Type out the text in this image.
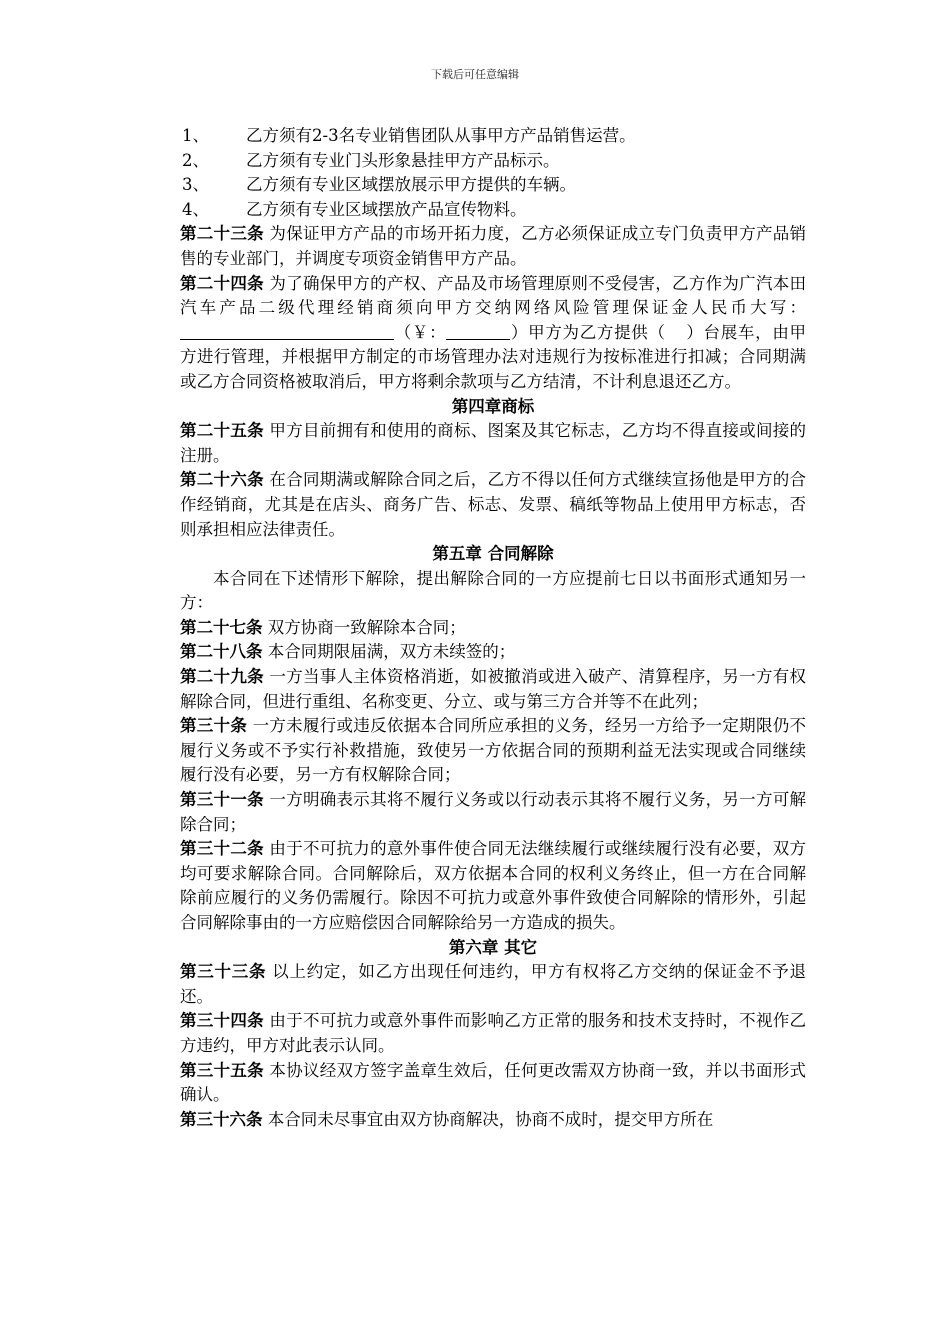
下载后可任意编辑
1、	乙方须有2-3名专业销售团队从事甲方产品销售运营。
2、	乙方须有专业门头形象悬挂甲方产品标示。
3、	乙方须有专业区域摆放展示甲方提供的车辆。
4、	乙方须有专业区域摆放产品宣传物料。

第二十三条 为保证甲方产品的市场开拓力度，乙方必须保证成立专门负责甲方产品销售的专业部门，并调度专项资金销售甲方产品。

第二十四条 为了确保甲方的产权、产品及市场管理原则不受侵害，乙方作为广汽本田汽车产品二级代理经销商须向甲方交纳网络风险管理保证金人民币大写：（￥：	）甲方为乙方提供（ ）台展车，由甲方进行管理，并根据甲方制定的市场管理办法对违规行为按标准进行扣减；合同期满或乙方合同资格被取消后，甲方将剩余款项与乙方结清，不计利息退还乙方。

第四章商标

第二十五条 甲方目前拥有和使用的商标、图案及其它标志，乙方均不得直接或间接的注册。

第二十六条 在合同期满或解除合同之后，乙方不得以任何方式继续宣扬他是甲方的合作经销商，尤其是在店头、商务广告、标志、发票、稿纸等物品上使用甲方标志，否则承担相应法律责任。

第五章 合同解除

本合同在下述情形下解除，提出解除合同的一方应提前七日以书面形式通知另一方：

第二十七条 双方协商一致解除本合同；

第二十八条 本合同期限届满，双方未续签的；

第二十九条 一方当事人主体资格消逝，如被撤消或进入破产、清算程序，另一方有权解除合同，但进行重组、名称变更、分立、或与第三方合并等不在此列；

第三十条 一方未履行或违反依据本合同所应承担的义务，经另一方给予一定期限仍不履行义务或不予实行补救措施，致使另一方依据合同的预期利益无法实现或合同继续履行没有必要，另一方有权解除合同；

第三十一条 一方明确表示其将不履行义务或以行动表示其将不履行义务，另一方可解除合同；

第三十二条 由于不可抗力的意外事件使合同无法继续履行或继续履行没有必要，双方均可要求解除合同。合同解除后，双方依据本合同的权利义务终止，但一方在合同解除前应履行的义务仍需履行。除因不可抗力或意外事件致使合同解除的情形外，引起合同解除事由的一方应赔偿因合同解除给另一方造成的损失。

第六章 其它

第三十三条 以上约定，如乙方出现任何违约，甲方有权将乙方交纳的保证金不予退还。

第三十四条 由于不可抗力或意外事件而影响乙方正常的服务和技术支持时，不视作乙方违约，甲方对此表示认同。

第三十五条 本协议经双方签字盖章生效后，任何更改需双方协商一致，并以书面形式确认。

第三十六条 本合同未尽事宜由双方协商解决，协商不成时，提交甲方所在
